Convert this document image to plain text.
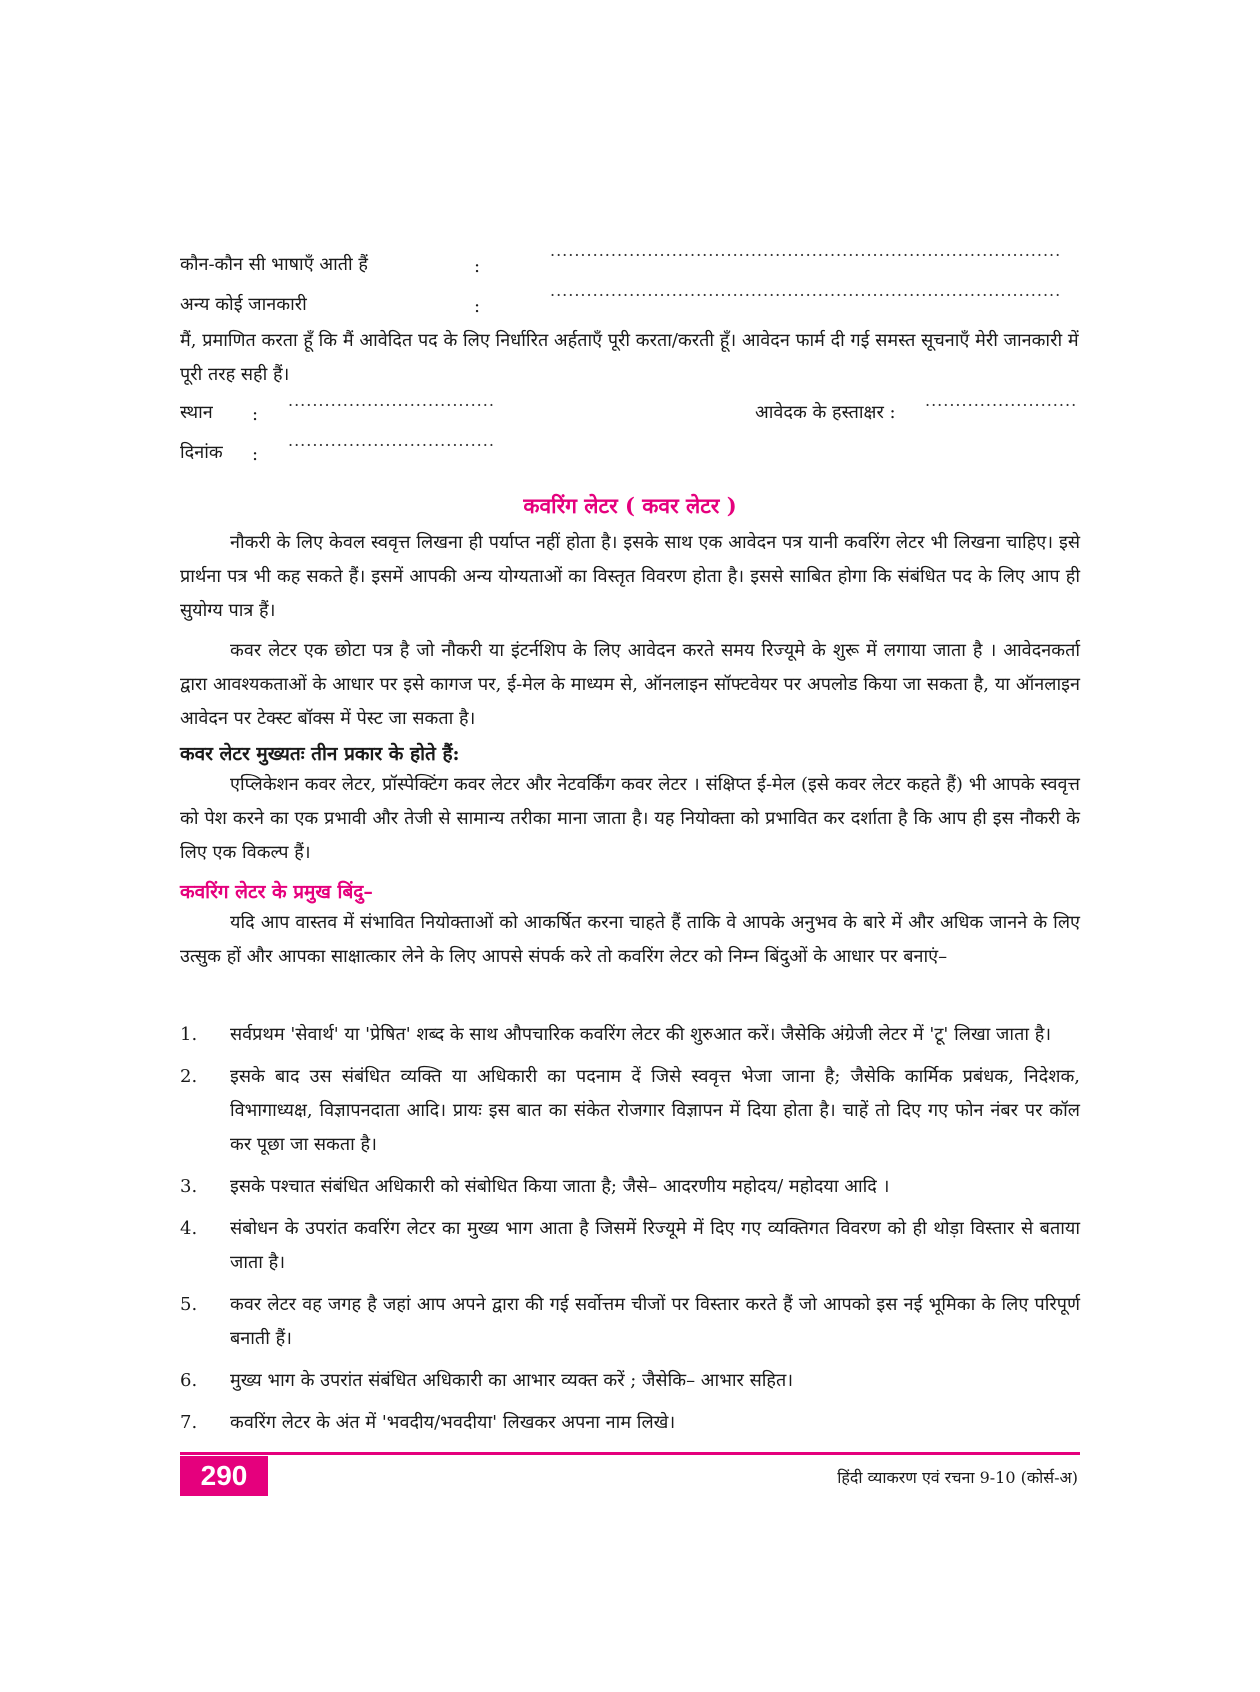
कौन-कौन सी भाषाएँ आती हैं	:
....................................................................................
अन्य कोई जानकारी	:
....................................................................................
मैं, प्रमाणित करता हूँ कि मैं आवेदित पद के लिए निर्धारित अर्हताएँ पूरी करता/करती हूँ। आवेदन फार्म दी गई समस्त सूचनाएँ मेरी जानकारी में पूरी तरह सही हैं।
स्थान :
..................................
आवेदक के हस्ताक्षर :
.........................
दिनांक :
..................................
कवरिंग लेटर ( कवर लेटर )

नौकरी के लिए केवल स्ववृत्त लिखना ही पर्याप्त नहीं होता है। इसके साथ एक आवेदन पत्र यानी कवरिंग लेटर भी लिखना चाहिए। इसे प्रार्थना पत्र भी कह सकते हैं। इसमें आपकी अन्य योग्यताओं का विस्तृत विवरण होता है। इससे साबित होगा कि संबंधित पद के लिए आप ही सुयोग्य पात्र हैं।

कवर लेटर एक छोटा पत्र है जो नौकरी या इंटर्नशिप के लिए आवेदन करते समय रिज्यूमे के शुरू में लगाया जाता है । आवेदनकर्ता द्वारा आवश्यकताओं के आधार पर इसे कागज पर, ई-मेल के माध्यम से, ऑनलाइन सॉफ्टवेयर पर अपलोड किया जा सकता है, या ऑनलाइन आवेदन पर टेक्स्ट बॉक्स में पेस्ट जा सकता है।

कवर लेटर मुख्यतः तीन प्रकार के होते हैं:

एप्लिकेशन कवर लेटर, प्रॉस्पेक्टिंग कवर लेटर और नेटवर्किंग कवर लेटर । संक्षिप्त ई-मेल (इसे कवर लेटर कहते हैं) भी आपके स्ववृत्त को पेश करने का एक प्रभावी और तेजी से सामान्य तरीका माना जाता है। यह नियोक्ता को प्रभावित कर दर्शाता है कि आप ही इस नौकरी के लिए एक विकल्प हैं।

कवरिंग लेटर के प्रमुख बिंदु–

यदि आप वास्तव में संभावित नियोक्ताओं को आकर्षित करना चाहते हैं ताकि वे आपके अनुभव के बारे में और अधिक जानने के लिए उत्सुक हों और आपका साक्षात्कार लेने के लिए आपसे संपर्क करे तो कवरिंग लेटर को निम्न बिंदुओं के आधार पर बनाएं–

1. सर्वप्रथम 'सेवार्थ' या 'प्रेषित' शब्द के साथ औपचारिक कवरिंग लेटर की शुरुआत करें। जैसेकि अंग्रेजी लेटर में 'टू' लिखा जाता है।
2. इसके बाद उस संबंधित व्यक्ति या अधिकारी का पदनाम दें जिसे स्ववृत्त भेजा जाना है; जैसेकि कार्मिक प्रबंधक, निदेशक, विभागाध्यक्ष, विज्ञापनदाता आदि। प्रायः इस बात का संकेत रोजगार विज्ञापन में दिया होता है। चाहें तो दिए गए फोन नंबर पर कॉल कर पूछा जा सकता है।
3. इसके पश्चात संबंधित अधिकारी को संबोधित किया जाता है; जैसे– आदरणीय महोदय/ महोदया आदि ।
4. संबोधन के उपरांत कवरिंग लेटर का मुख्य भाग आता है जिसमें रिज्यूमे में दिए गए व्यक्तिगत विवरण को ही थोड़ा विस्तार से बताया जाता है।
5. कवर लेटर वह जगह है जहां आप अपने द्वारा की गई सर्वोत्तम चीजों पर विस्तार करते हैं जो आपको इस नई भूमिका के लिए परिपूर्ण बनाती हैं।
6. मुख्य भाग के उपरांत संबंधित अधिकारी का आभार व्यक्त करें ; जैसेकि– आभार सहित।
7. कवरिंग लेटर के अंत में 'भवदीय/भवदीया' लिखकर अपना नाम लिखे।
290	हिंदी व्याकरण एवं रचना 9-10 (कोर्स-अ)
